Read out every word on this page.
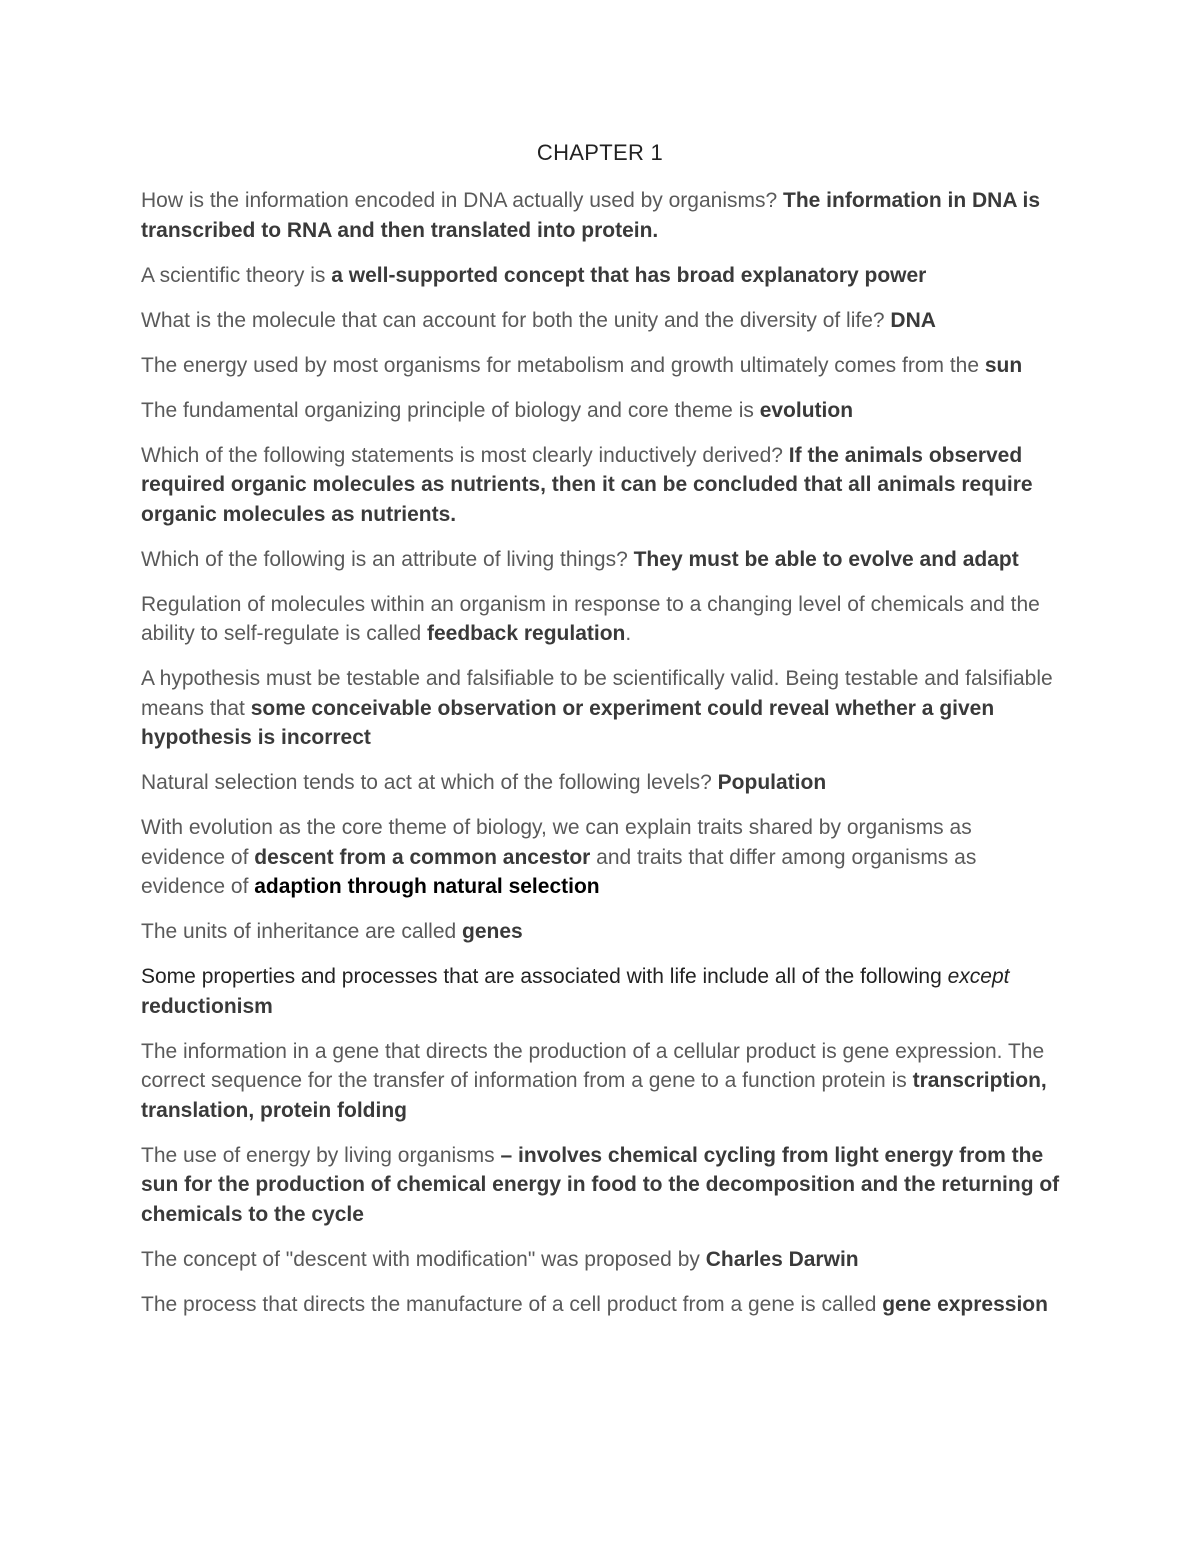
CHAPTER 1

How is the information encoded in DNA actually used by organisms? The information in DNA is transcribed to RNA and then translated into protein.

A scientific theory is a well-supported concept that has broad explanatory power

What is the molecule that can account for both the unity and the diversity of life? DNA

The energy used by most organisms for metabolism and growth ultimately comes from the sun

The fundamental organizing principle of biology and core theme is evolution

Which of the following statements is most clearly inductively derived? If the animals observed required organic molecules as nutrients, then it can be concluded that all animals require organic molecules as nutrients.

Which of the following is an attribute of living things? They must be able to evolve and adapt

Regulation of molecules within an organism in response to a changing level of chemicals and the ability to self-regulate is called feedback regulation.

A hypothesis must be testable and falsifiable to be scientifically valid. Being testable and falsifiable means that some conceivable observation or experiment could reveal whether a given hypothesis is incorrect

Natural selection tends to act at which of the following levels? Population

With evolution as the core theme of biology, we can explain traits shared by organisms as evidence of descent from a common ancestor and traits that differ among organisms as evidence of adaption through natural selection

The units of inheritance are called genes

Some properties and processes that are associated with life include all of the following except reductionism

The information in a gene that directs the production of a cellular product is gene expression. The correct sequence for the transfer of information from a gene to a function protein is transcription, translation, protein folding

The use of energy by living organisms – involves chemical cycling from light energy from the sun for the production of chemical energy in food to the decomposition and the returning of chemicals to the cycle

The concept of "descent with modification" was proposed by Charles Darwin

The process that directs the manufacture of a cell product from a gene is called gene expression
